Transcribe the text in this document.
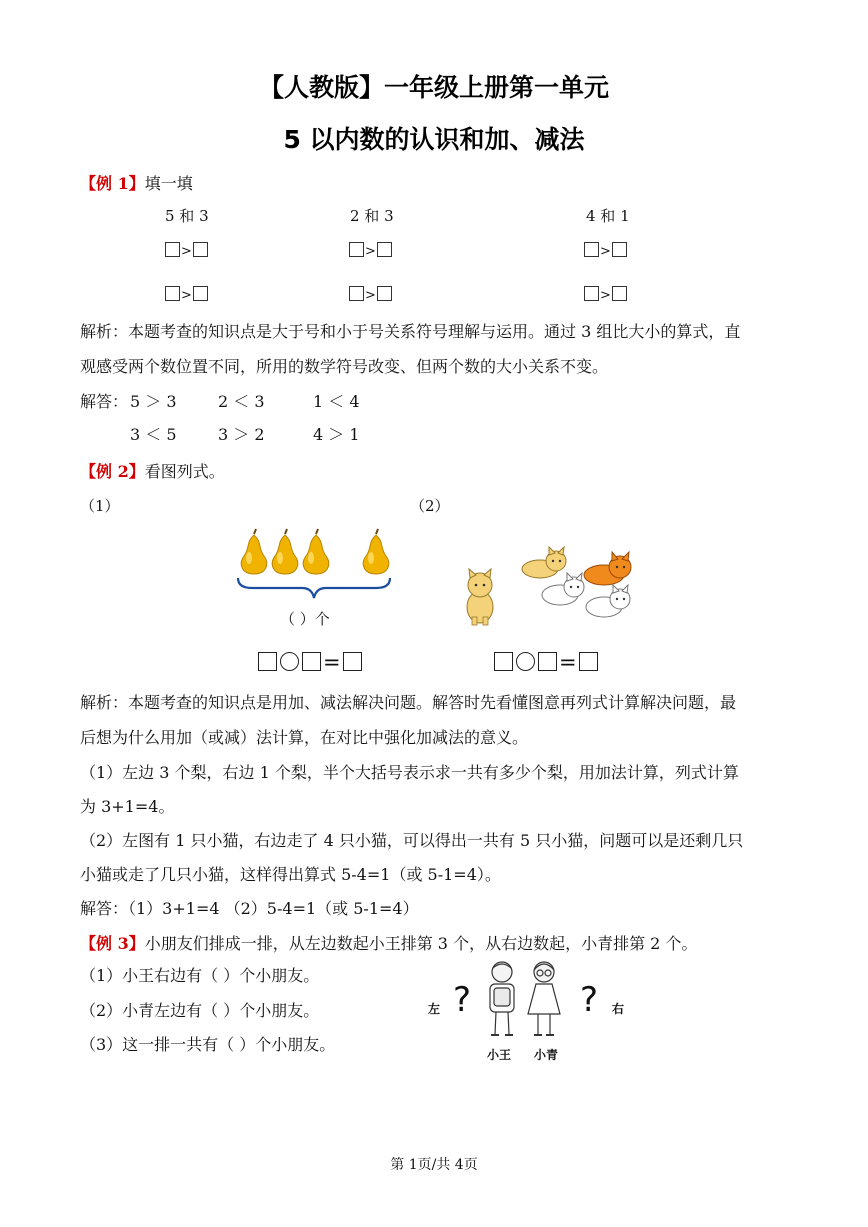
【人教版】一年级上册第一单元
5 以内数的认识和加、减法
【例 1】填一填
5 和 3	2 和 3	4 和 1
>	>	>
>	>	>
解析：本题考查的知识点是大于号和小于号关系符号理解与运用。通过 3 组比大小的算式，直
观感受两个数位置不同，所用的数学符号改变、但两个数的大小关系不变。
解答： 5 ＞ 3	2 ＜ 3	1 ＜ 4
3 ＜ 5	3 ＞ 2	4 ＞ 1
【例 2】看图列式。
（1）	（2）
（ ）个
=	=
解析：本题考查的知识点是用加、减法解决问题。解答时先看懂图意再列式计算解决问题，最
后想为什么用加（或减）法计算，在对比中强化加减法的意义。
（1）左边 3 个梨，右边 1 个梨，半个大括号表示求一共有多少个梨，用加法计算，列式计算
为 3+1=4。
（2）左图有 1 只小猫，右边走了 4 只小猫，可以得出一共有 5 只小猫，问题可以是还剩几只
小猫或走了几只小猫，这样得出算式 5-4=1（或 5-1=4）。
解答：（1）3+1=4 （2）5-4=1（或 5-1=4）
【例 3】小朋友们排成一排，从左边数起小王排第 3 个，从右边数起，小青排第 2 个。
（1）小王右边有（ ）个小朋友。
（2）小青左边有（ ）个小朋友。
（3）这一排一共有（ ）个小朋友。
左	右
?	?
小王 小青
第 1页/共 4页
